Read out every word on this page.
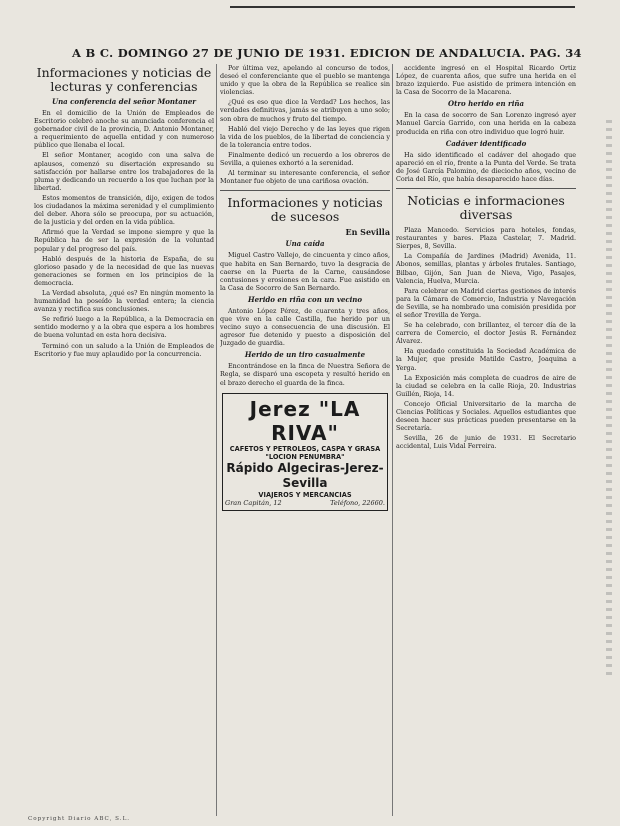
A B C. DOMINGO 27 DE JUNIO DE 1931. EDICION DE ANDALUCIA. PAG. 34
Informaciones y noticias de lecturas y conferencias
Una conferencia del señor Montaner

En el domicilio de la Unión de Empleados de Escritorio celebró anoche su anunciada conferencia el gobernador civil de la provincia, D. Antonio Montaner, a requerimiento de aquella entidad y con numeroso público que llenaba el local.

El señor Montaner, acogido con una salva de aplausos, comenzó su disertación expresando su satisfacción por hallarse entre los trabajadores de la pluma y dedicando un recuerdo a los que luchan por la libertad.

Estos momentos de transición, dijo, exigen de todos los ciudadanos la máxima serenidad y el cumplimiento del deber. Ahora sólo se preocupa, por su actuación, de la justicia y del orden en la vida pública.

Afirmó que la Verdad se impone siempre y que la República ha de ser la expresión de la voluntad popular y del progreso del país.

Habló después de la historia de España, de su glorioso pasado y de la necesidad de que las nuevas generaciones se formen en los principios de la democracia.

La Verdad absoluta, ¿qué es? En ningún momento la humanidad ha poseído la verdad entera; la ciencia avanza y rectifica sus conclusiones.

Se refirió luego a la República, a la Democracia en sentido moderno y a la obra que espera a los hombres de buena voluntad en esta hora decisiva.

Terminó con un saludo a la Unión de Empleados de Escritorio y fue muy aplaudido por la concurrencia.

Por última vez, apelando al concurso de todos, deseó el conferenciante que el pueblo se mantenga unido y que la obra de la República se realice sin violencias.

¿Qué es eso que dice la Verdad? Los hechos, las verdades definitivas, jamás se atribuyen a uno solo; son obra de muchos y fruto del tiempo.

Habló del viejo Derecho y de las leyes que rigen la vida de los pueblos, de la libertad de conciencia y de la tolerancia entre todos.

Finalmente dedicó un recuerdo a los obreros de Sevilla, a quienes exhortó a la serenidad.

Al terminar su interesante conferencia, el señor Montaner fue objeto de una cariñosa ovación.

Informaciones y noticias de sucesos
En Sevilla
Una caída

Miguel Castro Vallejo, de cincuenta y cinco años, que habita en San Bernardo, tuvo la desgracia de caerse en la Puerta de la Carne, causándose contusiones y erosiones en la cara. Fue asistido en la Casa de Socorro de San Bernardo.

Herido en riña con un vecino

Antonio López Pérez, de cuarenta y tres años, que vive en la calle Castilla, fue herido por un vecino suyo a consecuencia de una discusión. El agresor fue detenido y puesto a disposición del Juzgado de guardia.

Herido de un tiro casualmente

Encontrándose en la finca de Nuestra Señora de Regla, se disparó una escopeta y resultó herido en el brazo derecho el guarda de la finca.

Jerez "LA RIVA"
CAFETOS Y PETROLEOS, CASPA Y GRASA
"LOCION PENUMBRA"
Rápido Algeciras-Jerez-Sevilla
VIAJEROS Y MERCANCIAS
Gran Capitán, 12	Teléfono, 22660.

accidente ingresó en el Hospital Ricardo Ortiz López, de cuarenta años, que sufre una herida en el brazo izquierdo. Fue asistido de primera intención en la Casa de Socorro de la Macarena.

Otro herido en riña

En la casa de socorro de San Lorenzo ingresó ayer Manuel García Garrido, con una herida en la cabeza producida en riña con otro individuo que logró huir.

Cadáver identificado

Ha sido identificado el cadáver del ahogado que apareció en el río, frente a la Punta del Verde. Se trata de José García Palomino, de dieciocho años, vecino de Coria del Río, que había desaparecido hace días.

Noticias e informaciones diversas

Plaza Mancedo. Servicios para hoteles, fondas, restaurantes y bares. Plaza Castelar, 7. Madrid. Sierpes, 8, Sevilla.

La Compañía de Jardines (Madrid) Avenida, 11. Abonos, semillas, plantas y árboles frutales. Santiago, Bilbao, Gijón, San Juan de Nieva, Vigo, Pasajes, Valencia, Huelva, Murcia.

Para celebrar en Madrid ciertas gestiones de interés para la Cámara de Comercio, Industria y Navegación de Sevilla, se ha nombrado una comisión presidida por el señor Trevilla de Yerga.

Se ha celebrado, con brillantez, el tercer día de la carrera de Comercio, el doctor Jesús R. Fernández Álvarez.

Ha quedado constituida la Sociedad Académica de la Mujer, que preside Matilde Castro, Joaquina a Yerga.

La Exposición más completa de cuadros de aire de la ciudad se celebra en la calle Rioja, 20. Industrias Guillén, Rioja, 14.

Concejo Oficial Universitario de la marcha de Ciencias Políticas y Sociales. Aquellos estudiantes que deseen hacer sus prácticas pueden presentarse en la Secretaría.

Sevilla, 26 de junio de 1931. El Secretario accidental, Luis Vidal Ferreira.

Copyright Diario ABC, S.L.
